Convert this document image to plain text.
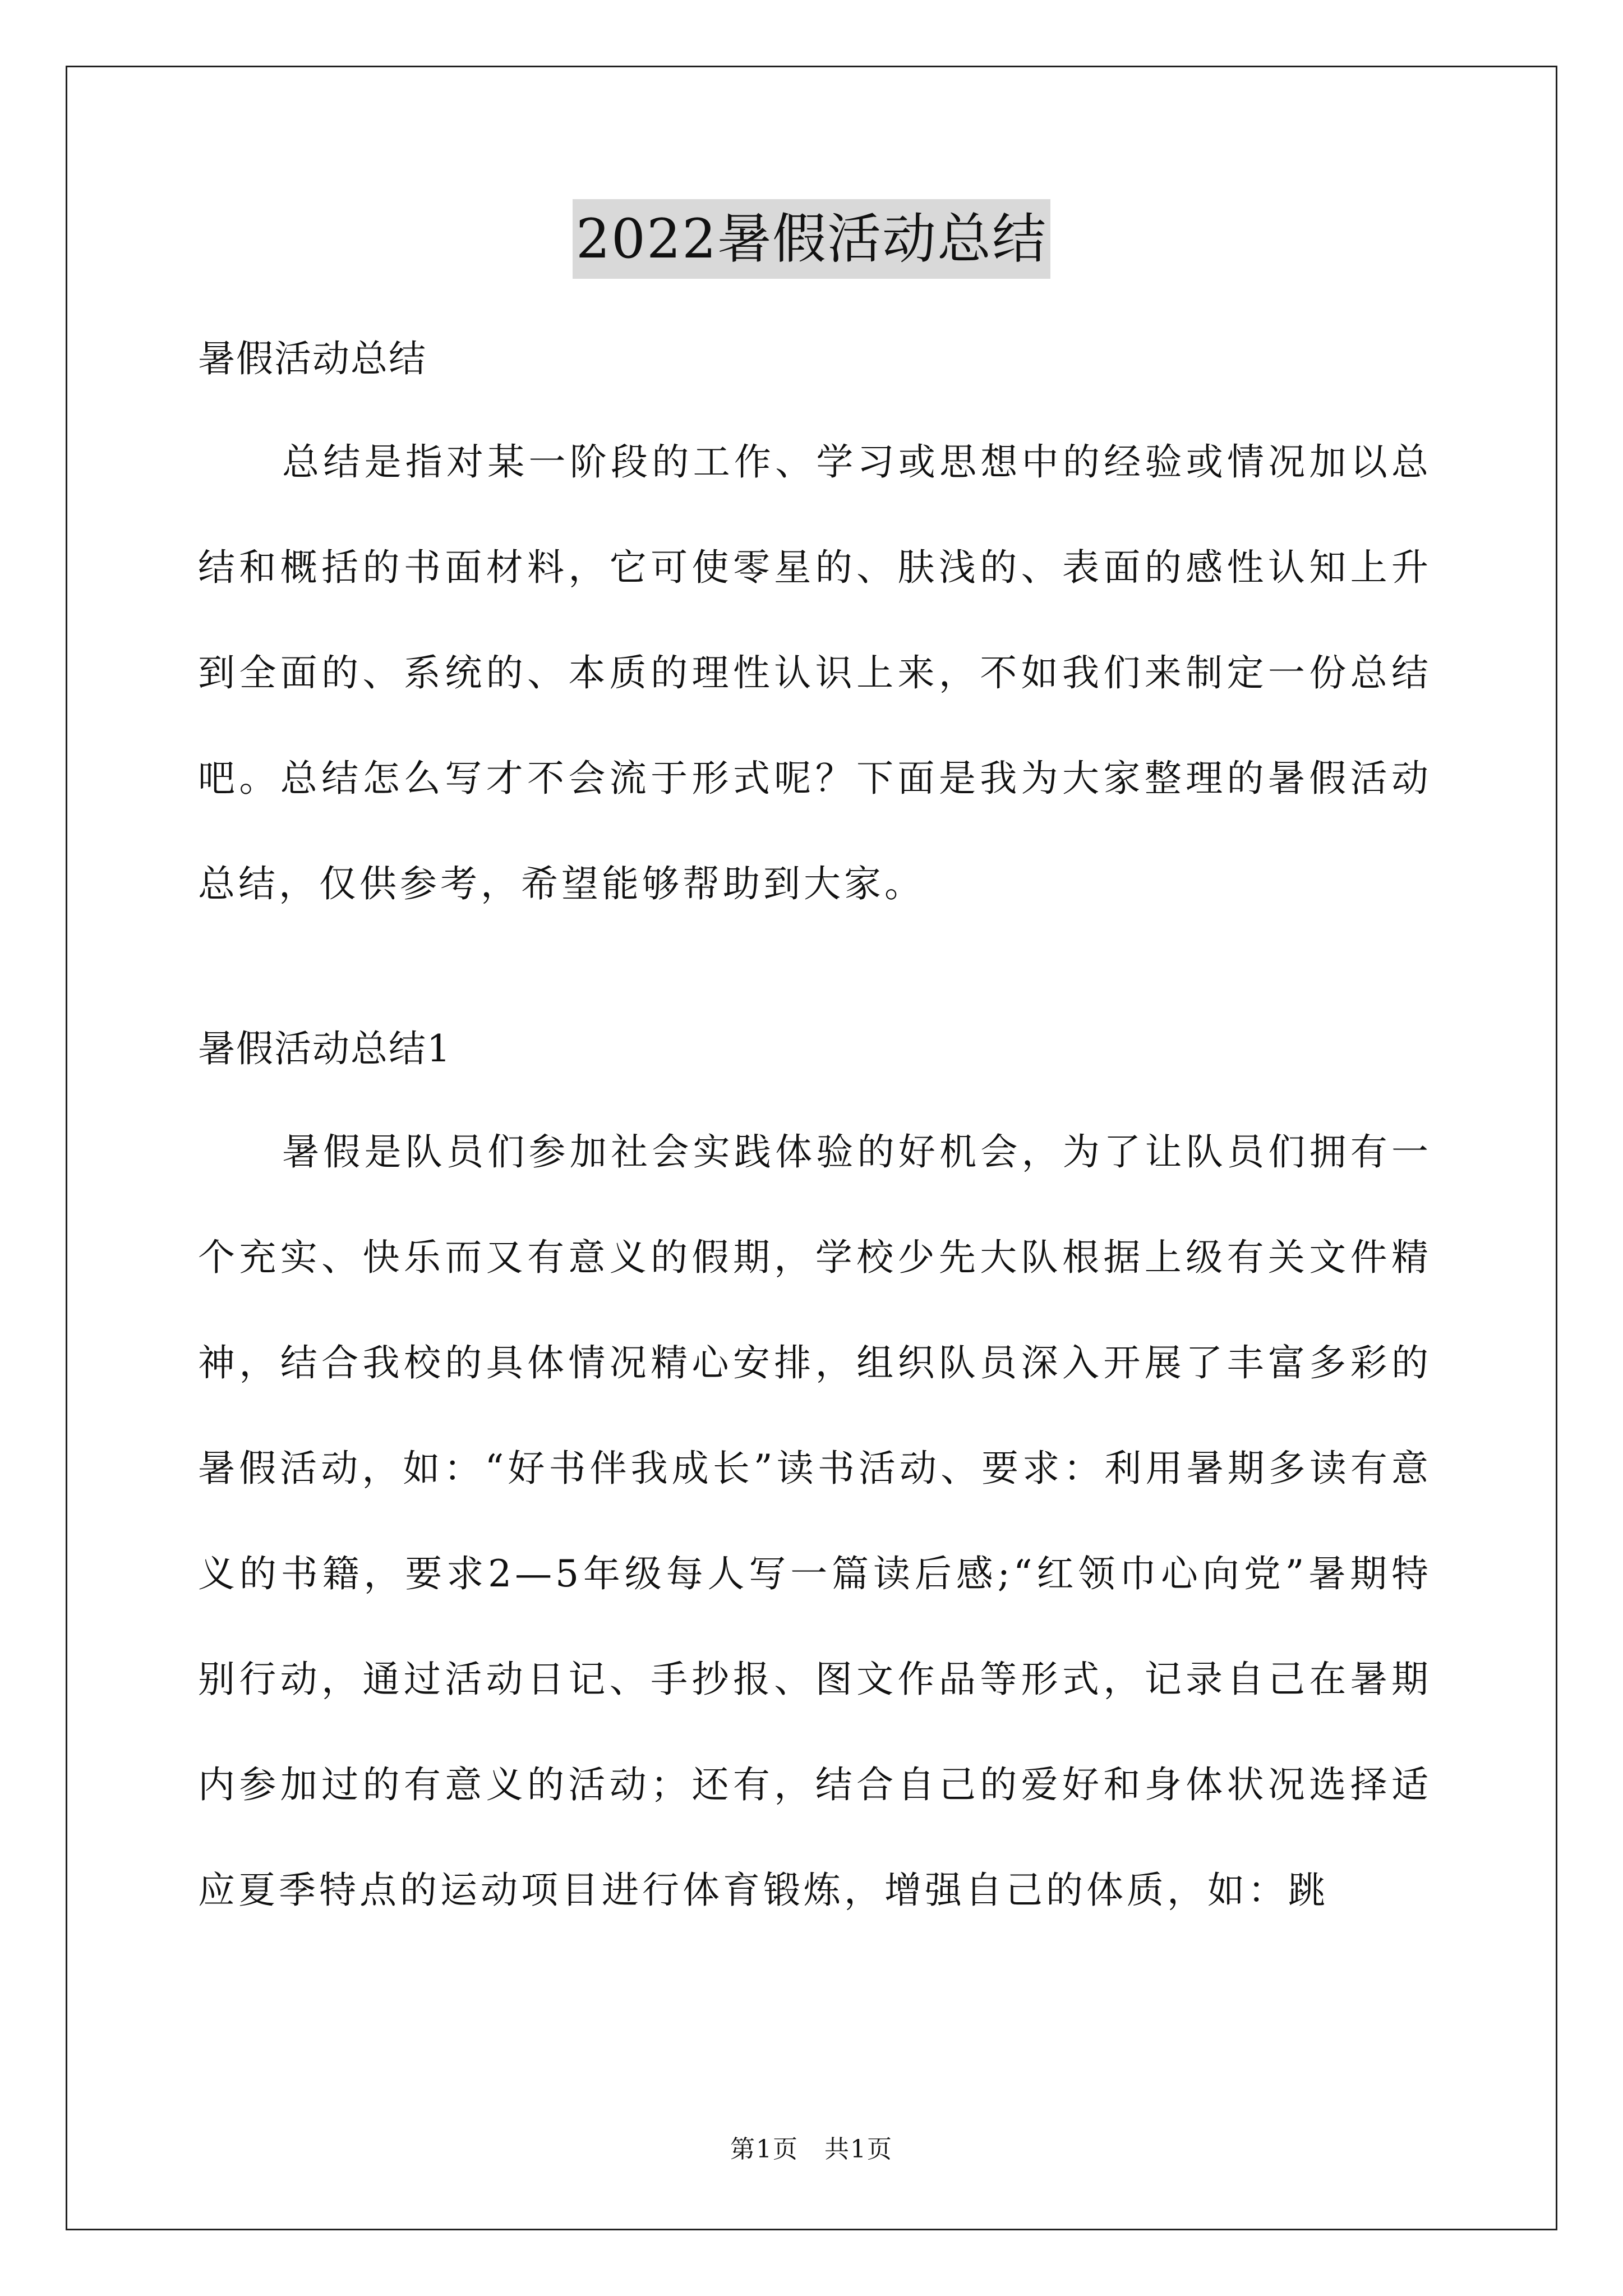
2022暑假活动总结

暑假活动总结

总结是指对某一阶段的工作、学习或思想中的经验或情况加以总结和概括的书面材料，它可使零星的、肤浅的、表面的感性认知上升到全面的、系统的、本质的理性认识上来，不如我们来制定一份总结吧。总结怎么写才不会流于形式呢？下面是我为大家整理的暑假活动总结，仅供参考，希望能够帮助到大家。

暑假活动总结1

暑假是队员们参加社会实践体验的好机会，为了让队员们拥有一个充实、快乐而又有意义的假期，学校少先大队根据上级有关文件精神，结合我校的具体情况精心安排，组织队员深入开展了丰富多彩的暑假活动，如：“好书伴我成长”读书活动、要求：利用暑期多读有意义的书籍，要求2—5年级每人写一篇读后感;“红领巾心向党”暑期特别行动，通过活动日记、手抄报、图文作品等形式，记录自己在暑期内参加过的有意义的活动；还有，结合自己的爱好和身体状况选择适应夏季特点的运动项目进行体育锻炼，增强自己的体质，如：跳

第1页 共1页
